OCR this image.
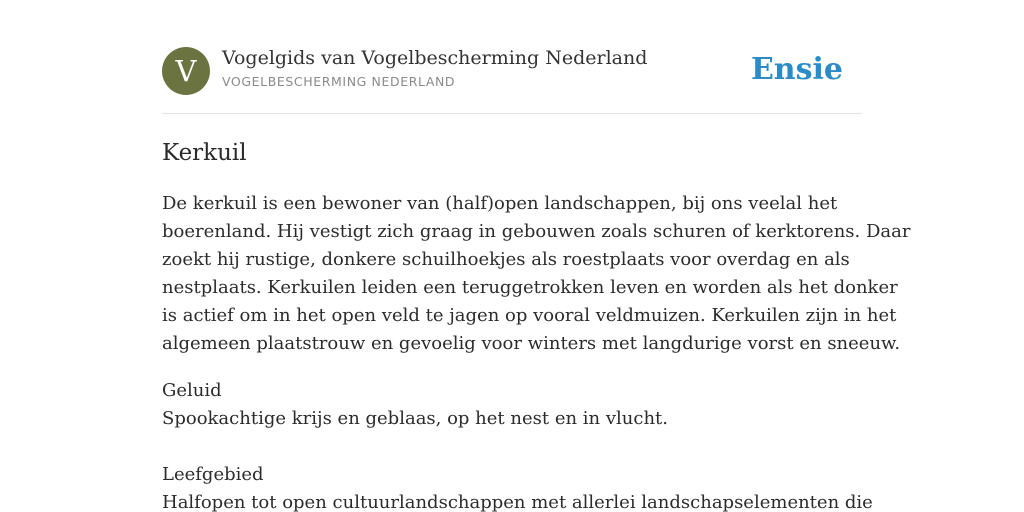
V	Vogelgids van Vogelbescherming Nederland
VOGELBESCHERMING NEDERLAND	Ensie
Kerkuil

De kerkuil is een bewoner van (half)open landschappen, bij ons veelal het
boerenland. Hij vestigt zich graag in gebouwen zoals schuren of kerktorens. Daar
zoekt hij rustige, donkere schuilhoekjes als roestplaats voor overdag en als
nestplaats. Kerkuilen leiden een teruggetrokken leven en worden als het donker
is actief om in het open veld te jagen op vooral veldmuizen. Kerkuilen zijn in het
algemeen plaatstrouw en gevoelig voor winters met langdurige vorst en sneeuw.

Geluid
Spookachtige krijs en geblaas, op het nest en in vlucht.
Leefgebied
Halfopen tot open cultuurlandschappen met allerlei landschapselementen die
